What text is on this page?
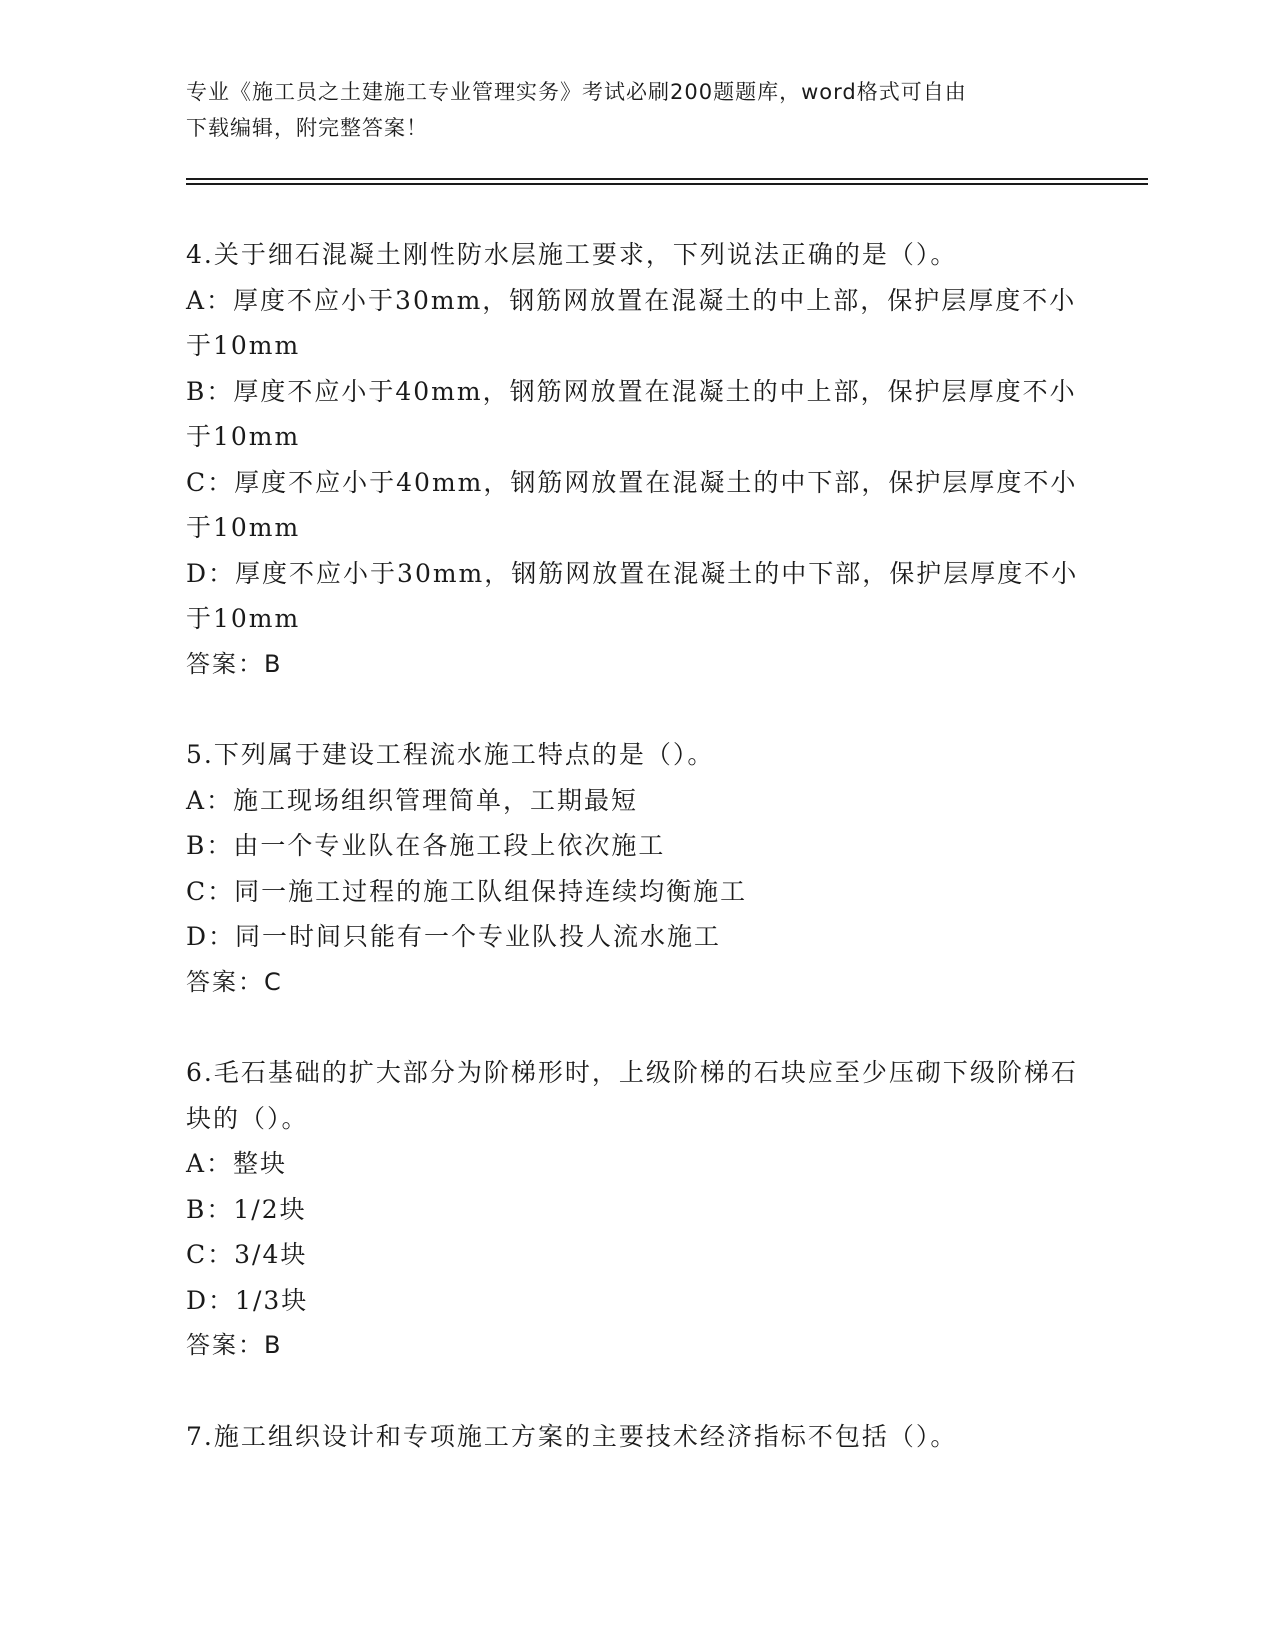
专业《施工员之土建施工专业管理实务》考试必刷200题题库，word格式可自由
下载编辑，附完整答案！

4.关于细石混凝土刚性防水层施工要求，下列说法正确的是（）。

A：厚度不应小于30mm，钢筋网放置在混凝土的中上部，保护层厚度不小于10mm

B：厚度不应小于40mm，钢筋网放置在混凝土的中上部，保护层厚度不小于10mm

C：厚度不应小于40mm，钢筋网放置在混凝土的中下部，保护层厚度不小于10mm

D：厚度不应小于30mm，钢筋网放置在混凝土的中下部，保护层厚度不小于10mm

答案：B

5.下列属于建设工程流水施工特点的是（）。

A：施工现场组织管理简单，工期最短

B：由一个专业队在各施工段上依次施工

C：同一施工过程的施工队组保持连续均衡施工

D：同一时间只能有一个专业队投人流水施工

答案：C

6.毛石基础的扩大部分为阶梯形时，上级阶梯的石块应至少压砌下级阶梯石块的（）。

A：整块

B：1/2块

C：3/4块

D：1/3块

答案：B

7.施工组织设计和专项施工方案的主要技术经济指标不包括（）。
